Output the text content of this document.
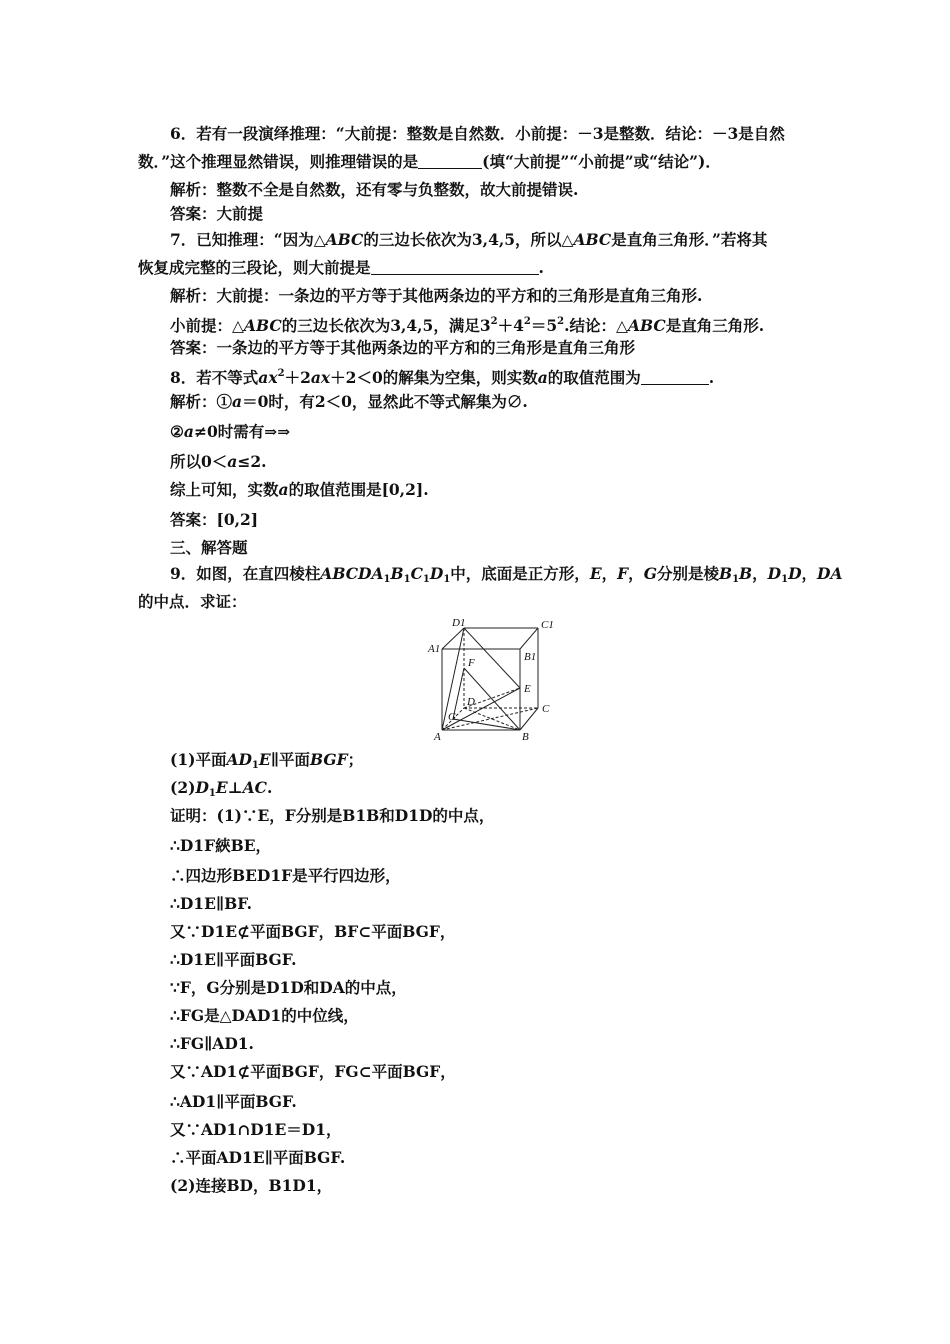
6．若有一段演绎推理：“大前提：整数是自然数．小前提：－3是整数．结论：－3是自然
数．”这个推理显然错误，则推理错误的是	(填“大前提”“小前提”或“结论”)．
解析：整数不全是自然数，还有零与负整数，故大前提错误.
答案：大前提
7．已知推理：“因为△ABC的三边长依次为3,4,5，所以△ABC是直角三角形．”若将其
恢复成完整的三段论，则大前提是	.
解析：大前提：一条边的平方等于其他两条边的平方和的三角形是直角三角形.
小前提：△ABC的三边长依次为3,4,5，满足$3^2+4^2=5^2$.结论：△ABC是直角三角形.
答案：一条边的平方等于其他两条边的平方和的三角形是直角三角形
8．若不等式$ax^2+2ax+2<0$的解集为空集，则实数a的取值范围为	.
解析：①a＝0时，有2＜0，显然此不等式解集为∅.
②a≠0时需有⇒⇒
所以0＜a≤2.
综上可知，实数a的取值范围是[0,2].
答案：[0,2]
三、解答题
9．如图，在直四棱柱$ABCDA_1B_1C_1D_1$中，底面是正方形，E，F，G分别是棱$B_1B$，$D_1D$，DA
的中点．求证：
D1	C1
A1
B1
F
E
D
G
C
A	B
(1)平面$AD_1E\parallel$平面BGF；
$(2)D_1E\perp AC$.
证明：(1)∵E，F分别是B1B和D1D的中点，
∴D1F綊BE，
∴四边形BED1F是平行四边形，
∴D1E∥BF.
又∵D1E⊄平面BGF，BF⊂平面BGF，
∴D1E∥平面BGF.
∵F，G分别是D1D和DA的中点，
∴FG是△DAD1的中位线，
∴FG∥AD1.
又∵AD1⊄平面BGF，FG⊂平面BGF，
∴AD1∥平面BGF.
又∵AD1∩D1E＝D1，
∴平面AD1E∥平面BGF.
(2)连接BD，B1D1，
